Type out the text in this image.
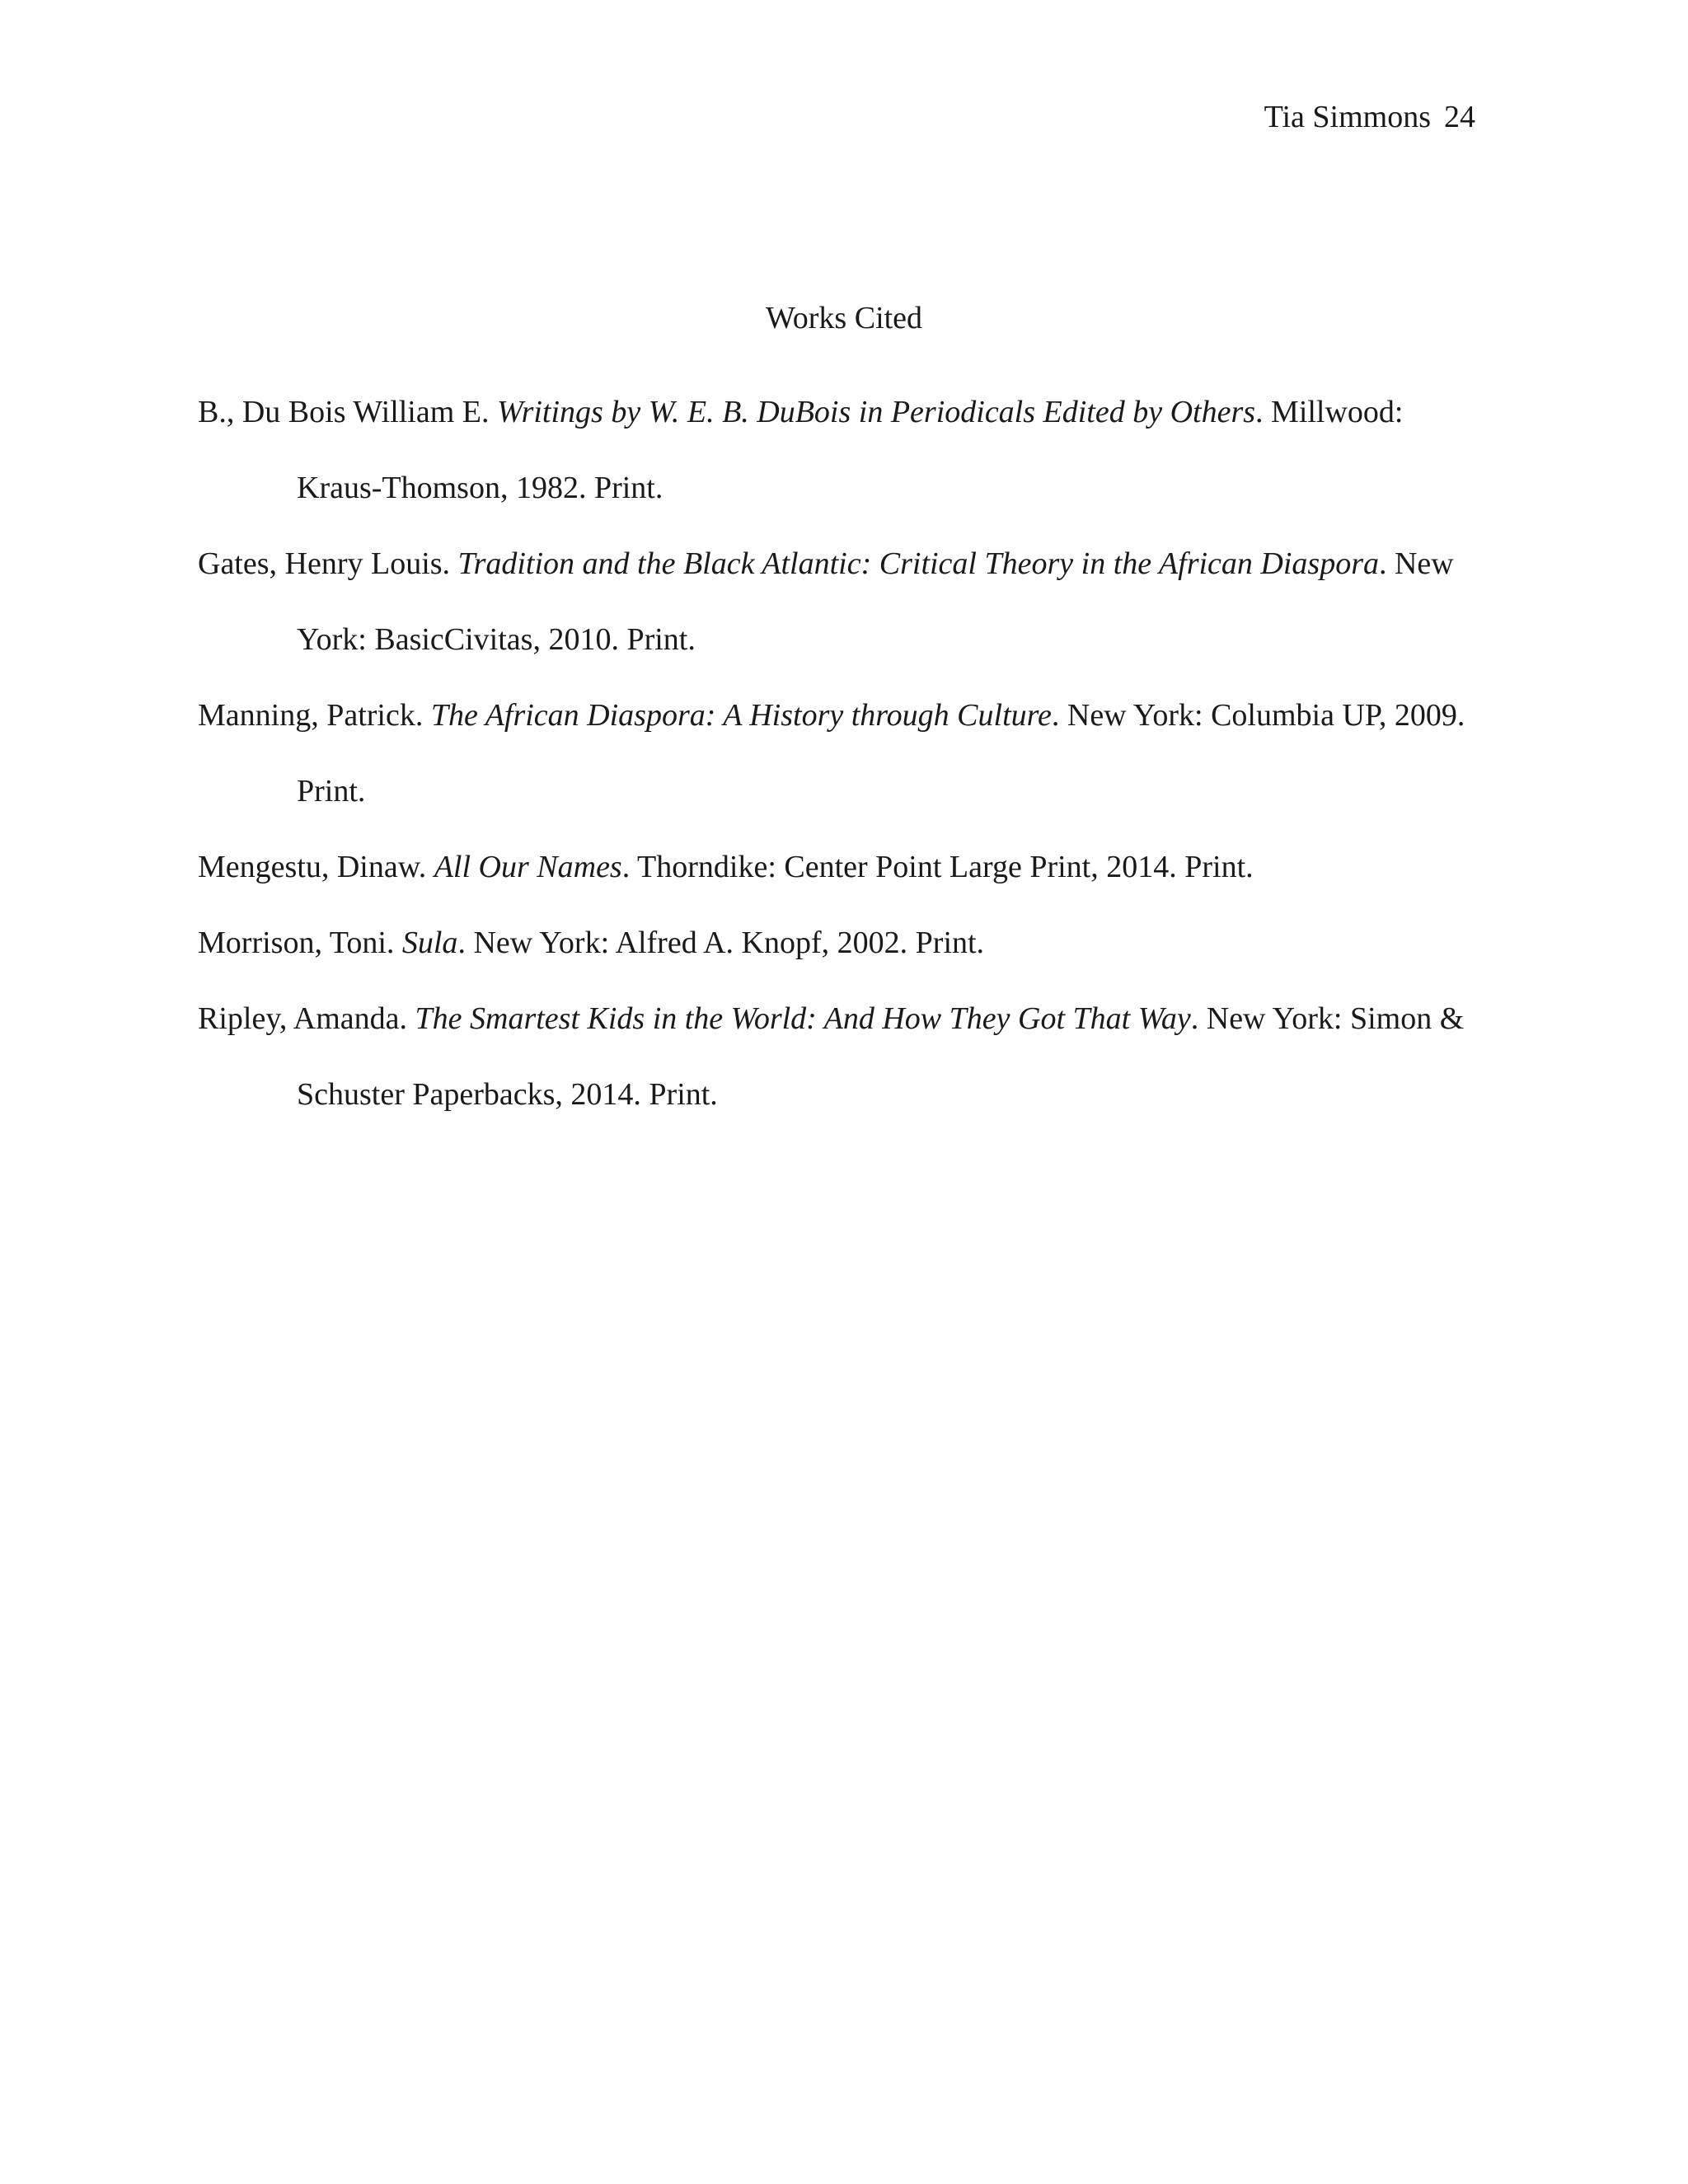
Tia Simmons 24
Works Cited
B., Du Bois William E. Writings by W. E. B. DuBois in Periodicals Edited by Others. Millwood: Kraus-Thomson, 1982. Print.
Gates, Henry Louis. Tradition and the Black Atlantic: Critical Theory in the African Diaspora. New York: BasicCivitas, 2010. Print.
Manning, Patrick. The African Diaspora: A History through Culture. New York: Columbia UP, 2009. Print.
Mengestu, Dinaw. All Our Names. Thorndike: Center Point Large Print, 2014. Print.
Morrison, Toni. Sula. New York: Alfred A. Knopf, 2002. Print.
Ripley, Amanda. The Smartest Kids in the World: And How They Got That Way. New York: Simon & Schuster Paperbacks, 2014. Print.
